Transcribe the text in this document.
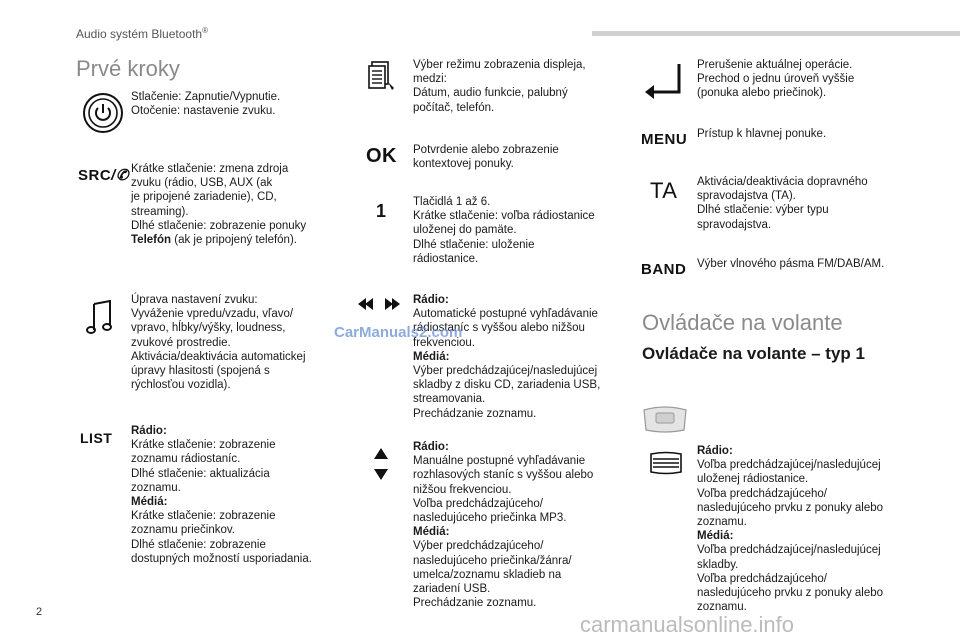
Audio systém Bluetooth®
Prvé kroky
Stlačenie: Zapnutie/Vypnutie.
Otočenie: nastavenie zvuku.
SRC/✆ Krátke stlačenie: zmena zdroja
zvuku (rádio, USB, AUX (ak
je pripojené zariadenie), CD,
streaming).
Dlhé stlačenie: zobrazenie ponuky
Telefón (ak je pripojený telefón).
Úprava nastavení zvuku:
Vyváženie vpredu/vzadu, vľavo/
vpravo, hĺbky/výšky, loudness,
zvukové prostredie.
Aktivácia/deaktivácia automatickej
úpravy hlasitosti (spojená s
rýchlosťou vozidla).
LIST Rádio:
Krátke stlačenie: zobrazenie
zoznamu rádiostaníc.
Dlhé stlačenie: aktualizácia
zoznamu.
Médiá:
Krátke stlačenie: zobrazenie
zoznamu priečinkov.
Dlhé stlačenie: zobrazenie
dostupných možností usporiadania.
Výber režimu zobrazenia displeja,
medzi:
Dátum, audio funkcie, palubný
počítač, telefón.
OK Potvrdenie alebo zobrazenie
kontextovej ponuky.
1 Tlačidlá 1 až 6.
Krátke stlačenie: voľba rádiostanice
uloženej do pamäte.
Dlhé stlačenie: uloženie
rádiostanice.
Rádio:
Automatické postupné vyhľadávanie
rádiostaníc s vyššou alebo nižšou
frekvenciou.
Médiá:
Výber predchádzajúcej/nasledujúcej
skladby z disku CD, zariadenia USB,
streamovania.
Prechádzanie zoznamu.
Rádio:
Manuálne postupné vyhľadávanie
rozhlasových staníc s vyššou alebo
nižšou frekvenciou.
Voľba predchádzajúceho/
nasledujúceho priečinka MP3.
Médiá:
Výber predchádzajúceho/
nasledujúceho priečinka/žánra/
umelca/zoznamu skladieb na
zariadení USB.
Prechádzanie zoznamu.
Prerušenie aktuálnej operácie.
Prechod o jednu úroveň vyššie
(ponuka alebo priečinok).
MENU Prístup k hlavnej ponuke.
TA Aktivácia/deaktivácia dopravného
spravodajstva (TA).
Dlhé stlačenie: výber typu
spravodajstva.
BAND Výber vlnového pásma FM/DAB/AM.
Ovládače na volante
Ovládače na volante – typ 1
Rádio:
Voľba predchádzajúcej/nasledujúcej
uloženej rádiostanice.
Voľba predchádzajúceho/
nasledujúceho prvku z ponuky alebo
zoznamu.
Médiá:
Voľba predchádzajúcej/nasledujúcej
skladby.
Voľba predchádzajúceho/
nasledujúceho prvku z ponuky alebo
zoznamu.
2
CarManuals2.com
carmanualsonline.info
